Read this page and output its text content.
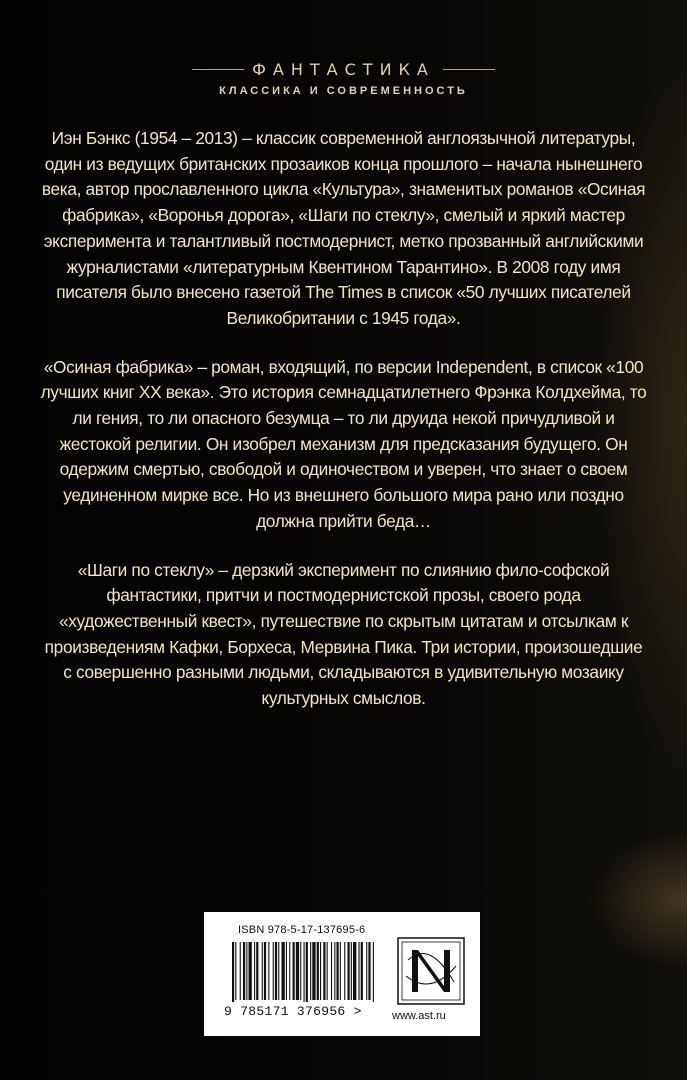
ФАНТАСТИКА
КЛАССИКА И СОВРЕМЕННОСТЬ

Иэн Бэнкс (1954 – 2013) – классик современной англоязычной литературы, один из ведущих британских прозаиков конца прошлого – начала нынешнего века, автор прославленного цикла «Культура», знаменитых романов «Осиная фабрика», «Воронья дорога», «Шаги по стеклу», смелый и яркий мастер эксперимента и талантливый постмодернист, метко прозванный английскими журналистами «литературным Квентином Тарантино». В 2008 году имя писателя было внесено газетой The Times в список «50 лучших писателей Великобритании с 1945 года».

«Осиная фабрика» – роман, входящий, по версии Independent, в список «100 лучших книг XX века». Это история семнадцатилетнего Фрэнка Колдхейма, то ли гения, то ли опасного безумца – то ли друида некой причудливой и жестокой религии. Он изобрел механизм для предсказания будущего. Он одержим смертью, свободой и одиночеством и уверен, что знает о своем уединенном мирке все. Но из внешнего большого мира рано или поздно должна прийти беда…

«Шаги по стеклу» – дерзкий эксперимент по слиянию фило-софской фантастики, притчи и постмодернистской прозы, своего рода «художественный квест», путешествие по скрытым цитатам и отсылкам к произведениям Кафки, Борхеса, Мервина Пика. Три истории, произошедшие с совершенно разными людьми, складываются в удивительную мозаику культурных смыслов.

ISBN 978-5-17-137695-6
9 785171 376956 >	www.ast.ru
